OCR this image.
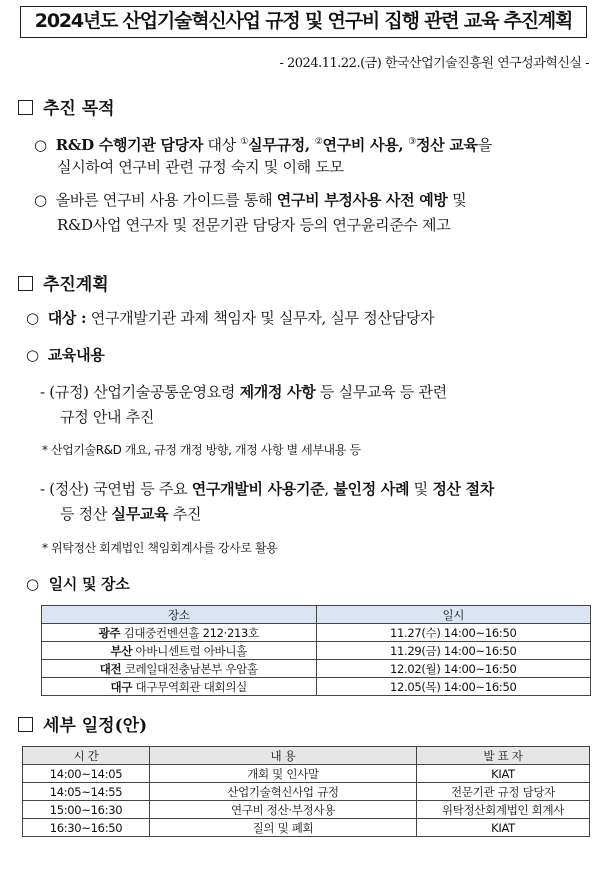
2024년도 산업기술혁신사업 규정 및 연구비 집행 관련 교육 추진계획
- 2024.11.22.(금) 한국산업기술진흥원 연구성과혁신실 -
추진 목적
○  R&D 수행기관 담당자 대상 ①실무규정, ②연구비 사용, ③정산 교육을
실시하여 연구비 관련 규정 숙지 및 이해 도모
○  올바른 연구비 사용 가이드를 통해 연구비 부정사용 사전 예방 및
R&D사업 연구자 및 전문기관 담당자 등의 연구윤리준수 제고
추진계획
○  대상 : 연구개발기관 과제 책임자 및 실무자, 실무 정산담당자
○  교육내용
- (규정) 산업기술공통운영요령 제개정 사항 등 실무교육 등 관련
규정 안내 추진
* 산업기술R&D 개요, 규정 개정 방향, 개정 사항 별 세부내용 등
- (정산) 국연법 등 주요 연구개발비 사용기준, 불인정 사례 및 정산 절차
등 정산 실무교육 추진
* 위탁정산 회계법인 책임회계사를 강사로 활용
○  일시 및 장소
장소	일시
광주 김대중컨벤션홀 212·213호	11.27(수) 14:00~16:50
부산 아바니센트럴 아바니홀	11.29(금) 14:00~16:50
대전 코레일대전충남본부 우암홀	12.02(월) 14:00~16:50
대구 대구무역회관 대회의실	12.05(목) 14:00~16:50
세부 일정(안)
시 간	내 용	발 표 자
14:00~14:05	개회 및 인사말	KIAT
14:05~14:55	산업기술혁신사업 규정	전문기관 규정 담당자
15:00~16:30	연구비 정산·부정사용	위탁정산회계법인 회계사
16:30~16:50	질의 및 폐회	KIAT
